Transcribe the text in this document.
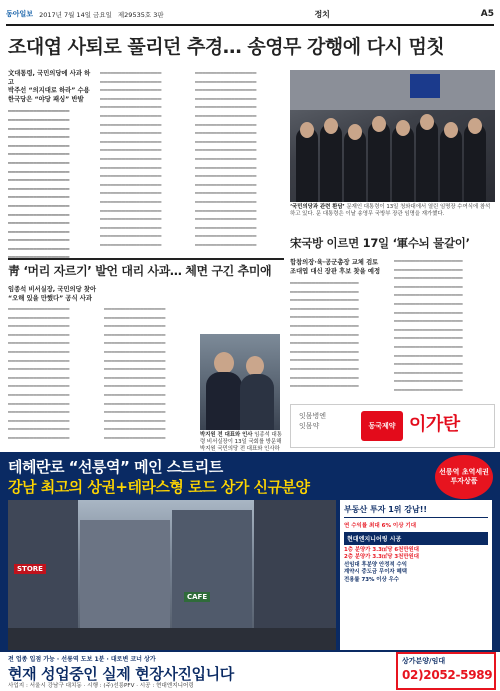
동아일보 2017년 7월 14일 금요일 제29535호 3판	정치	A5
조대엽 사퇴로 풀리던 추경… 송영무 강행에 다시 멈칫
文대통령, 국민의당에 사과 하고
박주선 “의지대로 하라” 수용
한국당은 “야당 패싱” 반발
━━━━━━━━━━━━━━━━━
━━━━━━━━━━━━━━━━━
━━━━━━━━━━━━━━━━━
━━━━━━━━━━━━━━━━━
━━━━━━━━━━━━━━━━━
━━━━━━━━━━━━━━━━━
━━━━━━━━━━━━━━━━━
━━━━━━━━━━━━━━━━━
━━━━━━━━━━━━━━━━━
━━━━━━━━━━━━━━━━━
━━━━━━━━━━━━━━━━━
━━━━━━━━━━━━━━━━━
━━━━━━━━━━━━━━━━━
━━━━━━━━━━━━━━━━━
━━━━━━━━━━━━━━━━━
━━━━━━━━━━━━━━━━━
━━━━━━━━━━━━━━━━━
━━━━━━━━━━━━━━━━━
━━━━━━━━━━━━━━━━━
━━━━━━━━━━━━━━━━━
━━━━━━━━━━━━━━━━━
━━━━━━━━━━━━━━━━━
━━━━━━━━━━━━━━━━━
━━━━━━━━━━━━━━━━━
━━━━━━━━━━━━━━━━━
━━━━━━━━━━━━━━━━━
━━━━━━━━━━━━━━━━━
━━━━━━━━━━━━━━━━━
━━━━━━━━━━━━━━━━━
━━━━━━━━━━━━━━━━━
━━━━━━━━━━━━━━━━━
━━━━━━━━━━━━━━━━━
━━━━━━━━━━━━━━━━━
━━━━━━━━━━━━━━━━━
━━━━━━━━━━━━━━━━━
━━━━━━━━━━━━━━━━━
━━━━━━━━━━━━━━━━━
━━━━━━━━━━━━━━━━━
━━━━━━━━━━━━━━━━━
━━━━━━━━━━━━━━━━━
━━━━━━━━━━━━━━━━━
━━━━━━━━━━━━━━━━━
━━━━━━━━━━━━━━━━━
━━━━━━━━━━━━━━━━━
━━━━━━━━━━━━━━━━━
━━━━━━━━━━━━━━━━━
━━━━━━━━━━━━━━━━━
━━━━━━━━━━━━━━━━━
━━━━━━━━━━━━━━━━━
━━━━━━━━━━━━━━━━━
━━━━━━━━━━━━━━━━━
━━━━━━━━━━━━━━━━━
━━━━━━━━━━━━━━━━━
━━━━━━━━━━━━━━━━━
━━━━━━━━━━━━━━━━━
━━━━━━━━━━━━━━━━━
━━━━━━━━━━━━━━━━━
━━━━━━━━━━━━━━━━━
━━━━━━━━━━━━━━━━━
━━━━━━━━━━━━━━━━━
‘국민의당과 관련 환담’ 문재인 대통령이 13일 청와대에서 열린 임명장 수여식에 참석하고 있다. 문 대통령은 이날 송영무 국방부 장관 임명을 재가했다.
宋국방 이르면 17일 ‘軍수뇌 물갈이’
합참의장·육·공군총장 교체 검토
조대엽 대신 장관 후보 찾을 예정
━━━━━━━━━━━━━━━━━━━
━━━━━━━━━━━━━━━━━━━
━━━━━━━━━━━━━━━━━━━
━━━━━━━━━━━━━━━━━━━
━━━━━━━━━━━━━━━━━━━
━━━━━━━━━━━━━━━━━━━
━━━━━━━━━━━━━━━━━━━
━━━━━━━━━━━━━━━━━━━
━━━━━━━━━━━━━━━━━━━
━━━━━━━━━━━━━━━━━━━
━━━━━━━━━━━━━━━━━━━
━━━━━━━━━━━━━━━━━━━
━━━━━━━━━━━━━━━━━━━
━━━━━━━━━━━━━━━━━━━
━━━━━━━━━━━━━━━━━━━
━━━━━━━━━━━━━━━━━━━
━━━━━━━━━━━━━━━━━━━
━━━━━━━━━━━━━━━━━━━
━━━━━━━━━━━━━━━━━━━
━━━━━━━━━━━━━━━━━━━
━━━━━━━━━━━━━━━━━━━
━━━━━━━━━━━━━━━━━━━
━━━━━━━━━━━━━━━━━━━
━━━━━━━━━━━━━━━━━━━
━━━━━━━━━━━━━━━━━━━
━━━━━━━━━━━━━━━━━━━
━━━━━━━━━━━━━━━━━━━
━━━━━━━━━━━━━━━━━━━
━━━━━━━━━━━━━━━━━━━
靑 ‘머리 자르기’ 발언 대리 사과… 체면 구긴 추미애
임종석 비서실장, 국민의당 찾아
“오해 있을 만했다” 공식 사과
━━━━━━━━━━━━━━━━━
━━━━━━━━━━━━━━━━━
━━━━━━━━━━━━━━━━━
━━━━━━━━━━━━━━━━━
━━━━━━━━━━━━━━━━━
━━━━━━━━━━━━━━━━━
━━━━━━━━━━━━━━━━━
━━━━━━━━━━━━━━━━━
━━━━━━━━━━━━━━━━━
━━━━━━━━━━━━━━━━━
━━━━━━━━━━━━━━━━━
━━━━━━━━━━━━━━━━━
━━━━━━━━━━━━━━━━━
━━━━━━━━━━━━━━━━━
━━━━━━━━━━━━━━━━━
━━━━━━━━━━━━━━━━━
━━━━━━━━━━━━━━━━━
━━━━━━━━━━━━━━━━━
━━━━━━━━━━━━━━━━━
━━━━━━━━━━━━━━━━━
━━━━━━━━━━━━━━━━━
━━━━━━━━━━━━━━━━━
━━━━━━━━━━━━━━━━━
━━━━━━━━━━━━━━━━━
━━━━━━━━━━━━━━━━━
━━━━━━━━━━━━━━━━━
━━━━━━━━━━━━━━━━━
━━━━━━━━━━━━━━━━━
━━━━━━━━━━━━━━━━━
━━━━━━━━━━━━━━━━━
━━━━━━━━━━━━━━━━━
━━━━━━━━━━━━━━━━━	박지원 전 대표와 인사 임종석 대통령 비서실장이 13일 국회를 방문해 박지원 국민의당 전 대표와 인사하
잇몸병엔
잇몸약	동국제약 이가탄
테헤란로 “선릉역” 메인 스트리트
강남 최고의 상권+테라스형 로드 상가 신규분양
선릉역 초역세권 투자상품
STORE
CAFE
부동산 투자 1위 강남!!
연 수익률 최대 6% 이상 기대
현대엔지니어링 시공
1층 분양가 3.3㎡당 6천만원대
2층 분양가 3.3㎡당 3천만원대
선임대 후분양 안정적 수익
계약시 중도금 무이자 혜택
전용률 73% 이상 우수
전 업종 입점 가능 · 선릉역 도보 1분 · 대로변 코너 상가
현재 성업중인 실제 현장사진입니다
사업지 : 서울시 강남구 대치동 · 시행 : (주)선릉PFV · 시공 : 현대엔지니어링
상가분양/임대
02)2052-5989
